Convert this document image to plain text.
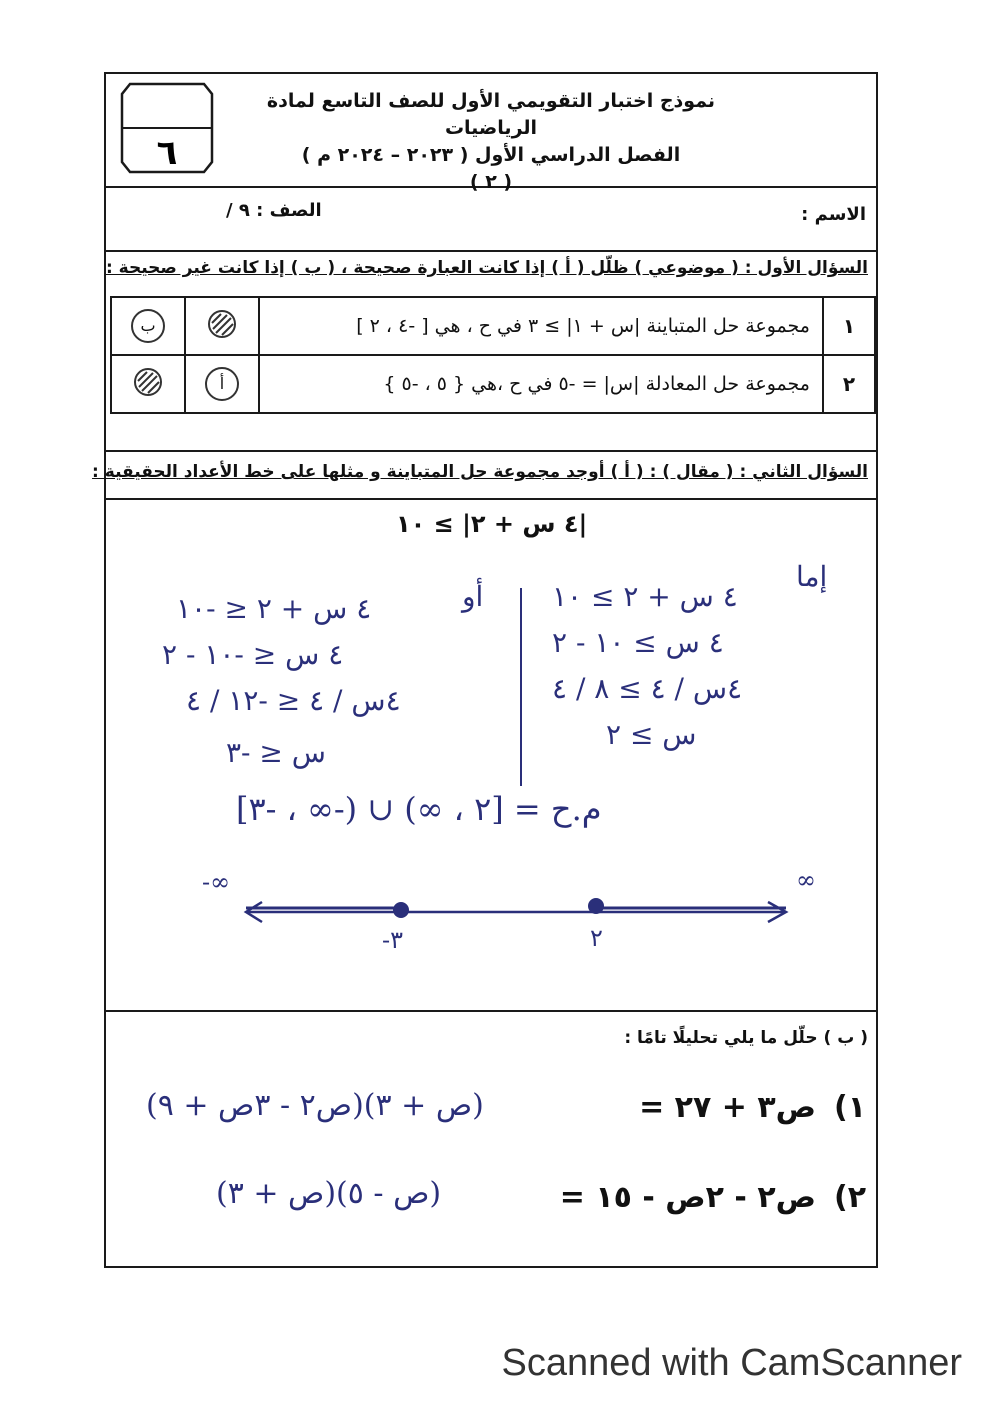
نموذج اختبار التقويمي الأول للصف التاسع لمادة الرياضيات
الفصل الدراسي الأول ( ٢٠٢٣ – ٢٠٢٤ م )
( ٢ )
٦
الاسم :
الصف : ٩ /
السؤال الأول : ( موضوعي ) ظلّل ( أ ) إذا كانت العبارة صحيحة ، ( ب ) إذا كانت غير صحيحة :
ب		مجموعة حل المتباينة |س + ١| ≥ ٣ في ح ، هي [ -٤ ، ٢ ]	١
	أ	مجموعة حل المعادلة |س| = -٥ في ح ،هي { ٥ ، -٥ }	٢
السؤال الثاني : ( مقال ) : ( أ ) أوجد مجموعة حل المتباينة و مثلها على خط الأعداد الحقيقية :
|٤ س + ٢| ≥ ١٠
إما
أو ٤ س + ٢ ≥ ١٠
٤ س ≥ ١٠ - ٢
٤س / ٤ ≥ ٨ / ٤
س ≥ ٢
٤ س + ٢ ≤ -١٠
٤ س ≤ -١٠ - ٢
٤س / ٤ ≤ -١٢ / ٤
س ≤ -٣
م.ح = [٢ ، ∞) ∪ (-∞ ، -٣]
-∞	∞
-٣	٢
( ب ) حلّل ما يلي تحليلًا تامًا :
١)
ص٣ + ٢٧ =
(ص + ٣)(ص٢ - ٣ص + ٩)
٢)
ص٢ - ٢ص - ١٥ =
(ص - ٥)(ص + ٣)
Scanned with CamScanner
